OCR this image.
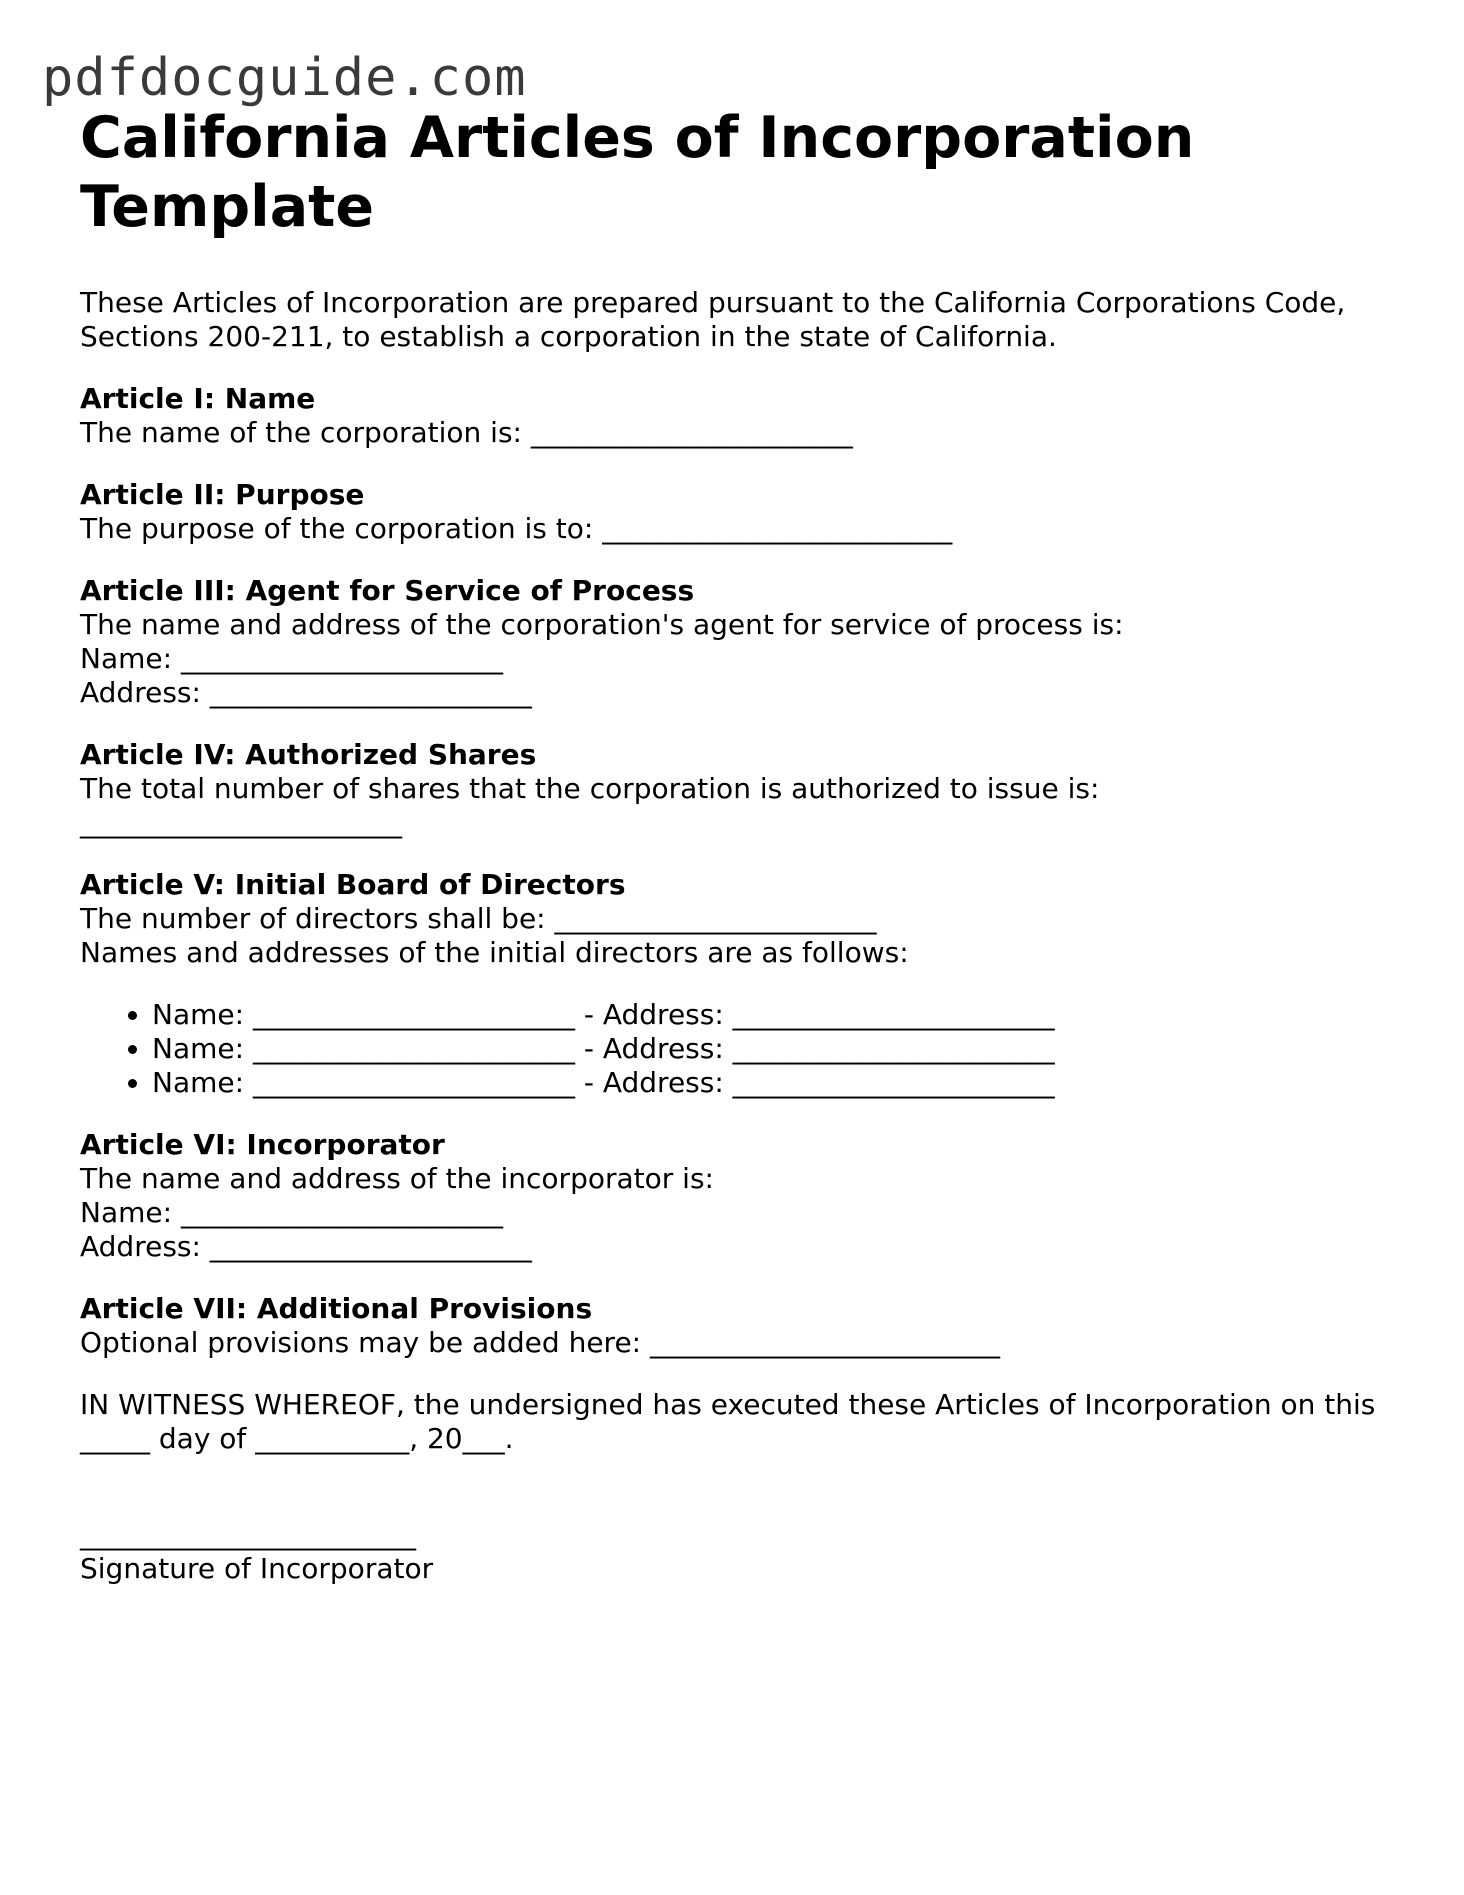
pdfdocguide.com
California Articles of Incorporation Template

These Articles of Incorporation are prepared pursuant to the California Corporations Code, Sections 200-211, to establish a corporation in the state of California.

Article I: Name
The name of the corporation is: _______________________
Article II: Purpose
The purpose of the corporation is to: _________________________
Article III: Agent for Service of Process
The name and address of the corporation's agent for service of process is:
Name: _______________________
Address: _______________________
Article IV: Authorized Shares
The total number of shares that the corporation is authorized to issue is:
_______________________
Article V: Initial Board of Directors
The number of directors shall be: _______________________
Names and addresses of the initial directors are as follows:
• Name: _______________________ - Address: _______________________
• Name: _______________________ - Address: _______________________
• Name: _______________________ - Address: _______________________
Article VI: Incorporator
The name and address of the incorporator is:
Name: _______________________
Address: _______________________
Article VII: Additional Provisions
Optional provisions may be added here: _________________________

IN WITNESS WHEREOF, the undersigned has executed these Articles of Incorporation on this _____ day of ___________, 20___.

________________________
Signature of Incorporator
